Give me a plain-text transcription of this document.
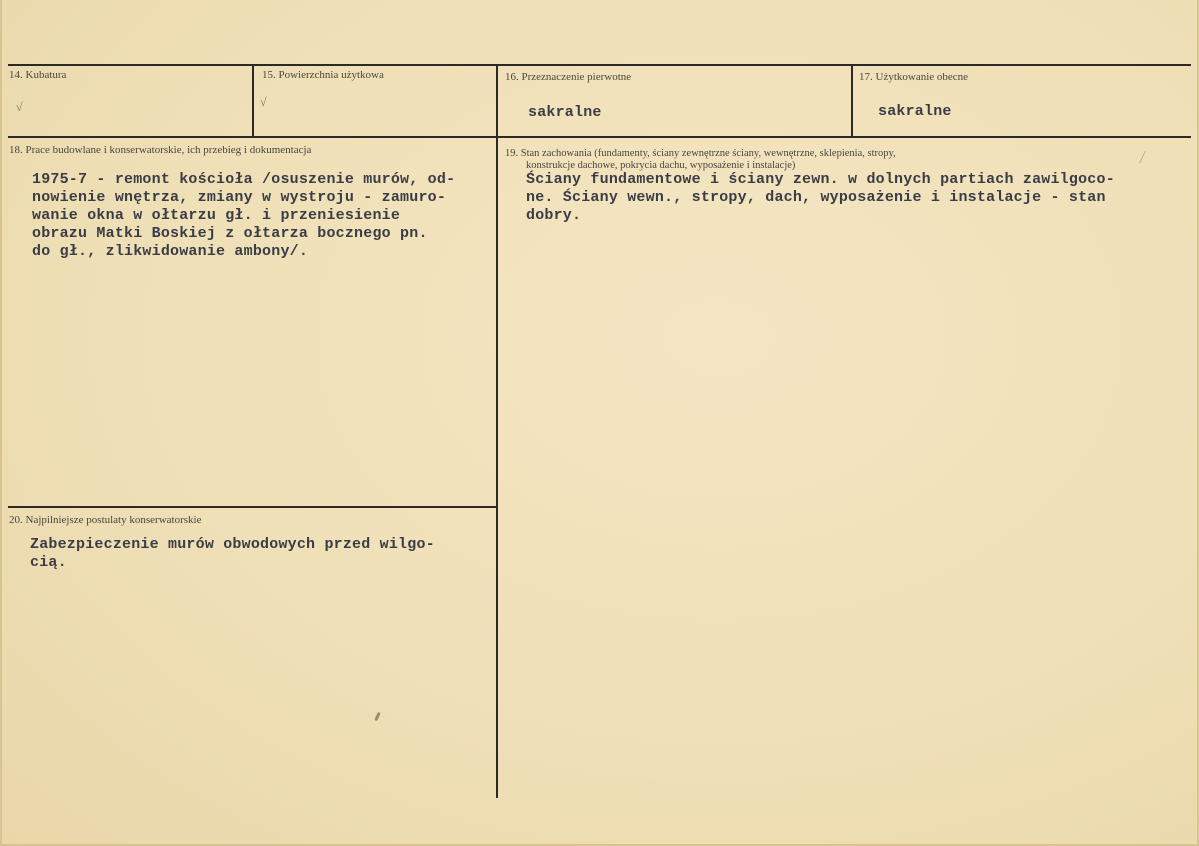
14. Kubatura
√
15. Powierzchnia użytkowa
√
16. Przeznaczenie pierwotne
sakralne
17. Użytkowanie obecne
sakralne
18. Prace budowlane i konserwatorskie, ich przebieg i dokumentacja
1975-7 - remont kościoła /osuszenie murów, od-
nowienie wnętrza, zmiany w wystroju - zamuro-
wanie okna w ołtarzu gł. i przeniesienie
obrazu Matki Boskiej z ołtarza bocznego pn.
do gł., zlikwidowanie ambony/.
19. Stan zachowania (fundamenty, ściany zewnętrzne ściany, wewnętrzne, sklepienia, stropy,
konstrukcje dachowe, pokrycia dachu, wyposażenie i instalacje)
Ściany fundamentowe i ściany zewn. w dolnych partiach zawilgoco-
ne. Ściany wewn., stropy, dach, wyposażenie i instalacje - stan
dobry.
20. Najpilniejsze postulaty konserwatorskie
Zabezpieczenie murów obwodowych przed wilgo-
cią.
